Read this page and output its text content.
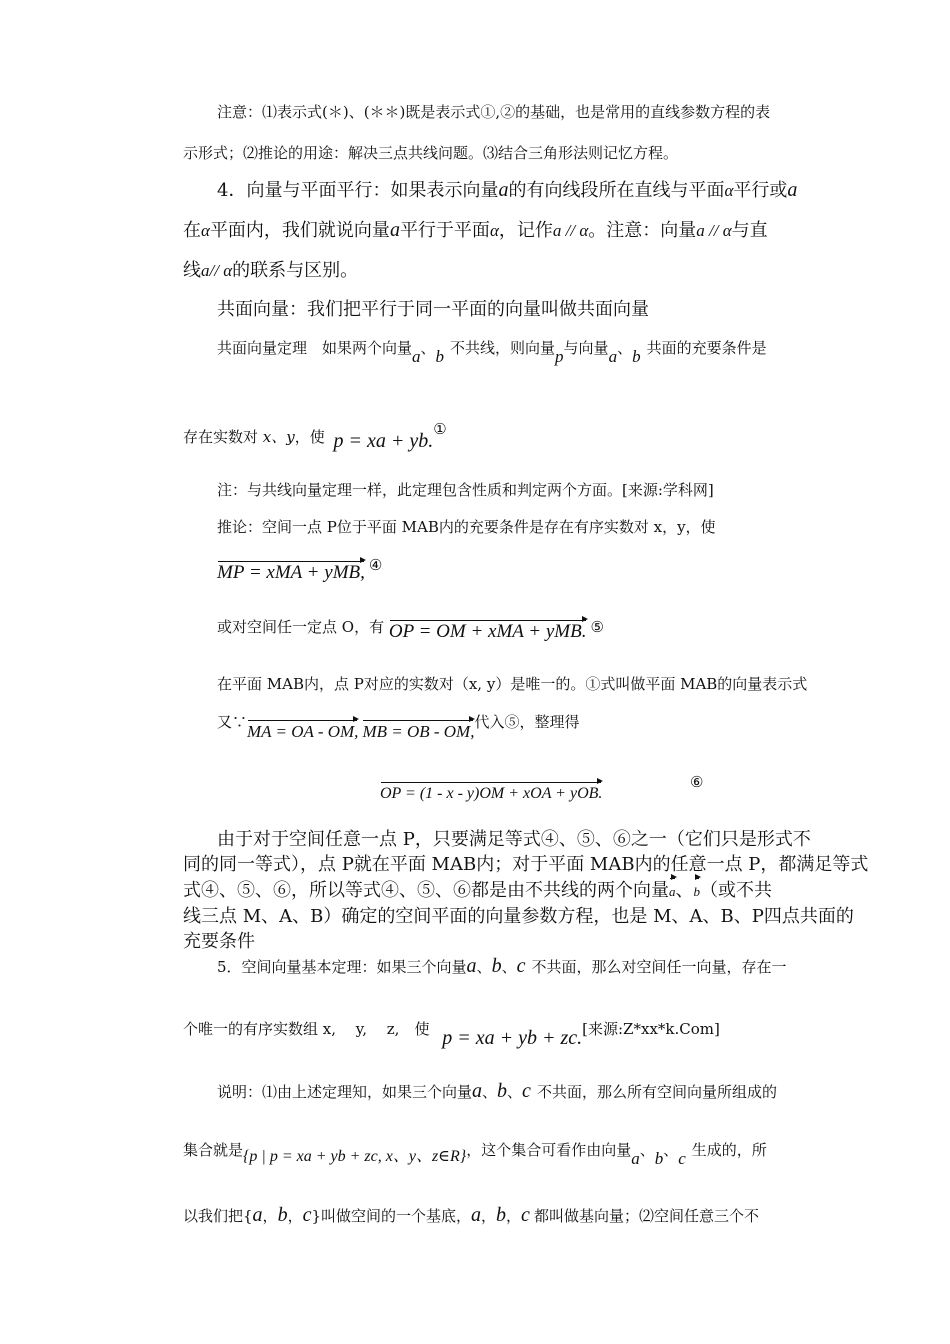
注意：⑴表示式(＊)、(＊＊)既是表示式①,②的基础，也是常用的直线参数方程的表
示形式；⑵推论的用途：解决三点共线问题。⑶结合三角形法则记忆方程。
4．向量与平面平行：如果表示向量a的有向线段所在直线与平面α平行或a
在α平面内，我们就说向量a平行于平面α，记作a // α。注意：向量a // α与直
线a// α的联系与区别。
共面向量：我们把平行于同一平面的向量叫做共面向量
共面向量定理　如果两个向量a、b 不共线，则向量p与向量a、b 共面的充要条件是
存在实数对 x、y，使 p = xa + yb.①
注：与共线向量定理一样，此定理包含性质和判定两个方面。[来源:学科网]
推论：空间一点 P位于平面 MAB内的充要条件是存在有序实数对 x，y，使
MP = xMA + yMB, ④
或对空间任一定点 O，有 OP = OM + xMA + yMB. ⑤
在平面 MAB内，点 P对应的实数对（x, y）是唯一的。①式叫做平面 MAB的向量表示式
又∵MA = OA - OM, MB = OB - OM,代入⑤，整理得
OP = (1 - x - y)OM + xOA + yOB.
⑥
由于对于空间任意一点 P，只要满足等式④、⑤、⑥之一（它们只是形式不
同的同一等式），点 P就在平面 MAB内；对于平面 MAB内的任意一点 P，都满足等式
式④、⑤、⑥，所以等式④、⑤、⑥都是由不共线的两个向量a、b（或不共
线三点 M、A、B）确定的空间平面的向量参数方程，也是 M、A、B、P四点共面的
充要条件
5．空间向量基本定理：如果三个向量a、b、c 不共面，那么对空间任一向量，存在一
个唯一的有序实数组 x,　 y,　 z,　使 p = xa + yb + zc.[来源:Z*xx*k.Com]
说明：⑴由上述定理知，如果三个向量a、b、c 不共面，那么所有空间向量所组成的
集合就是{p | p = xa + yb + zc, x、y、z∈R}，这个集合可看作由向量a、b、c 生成的，所
以我们把{a，b，c}叫做空间的一个基底，a，b，c 都叫做基向量；⑵空间任意三个不
